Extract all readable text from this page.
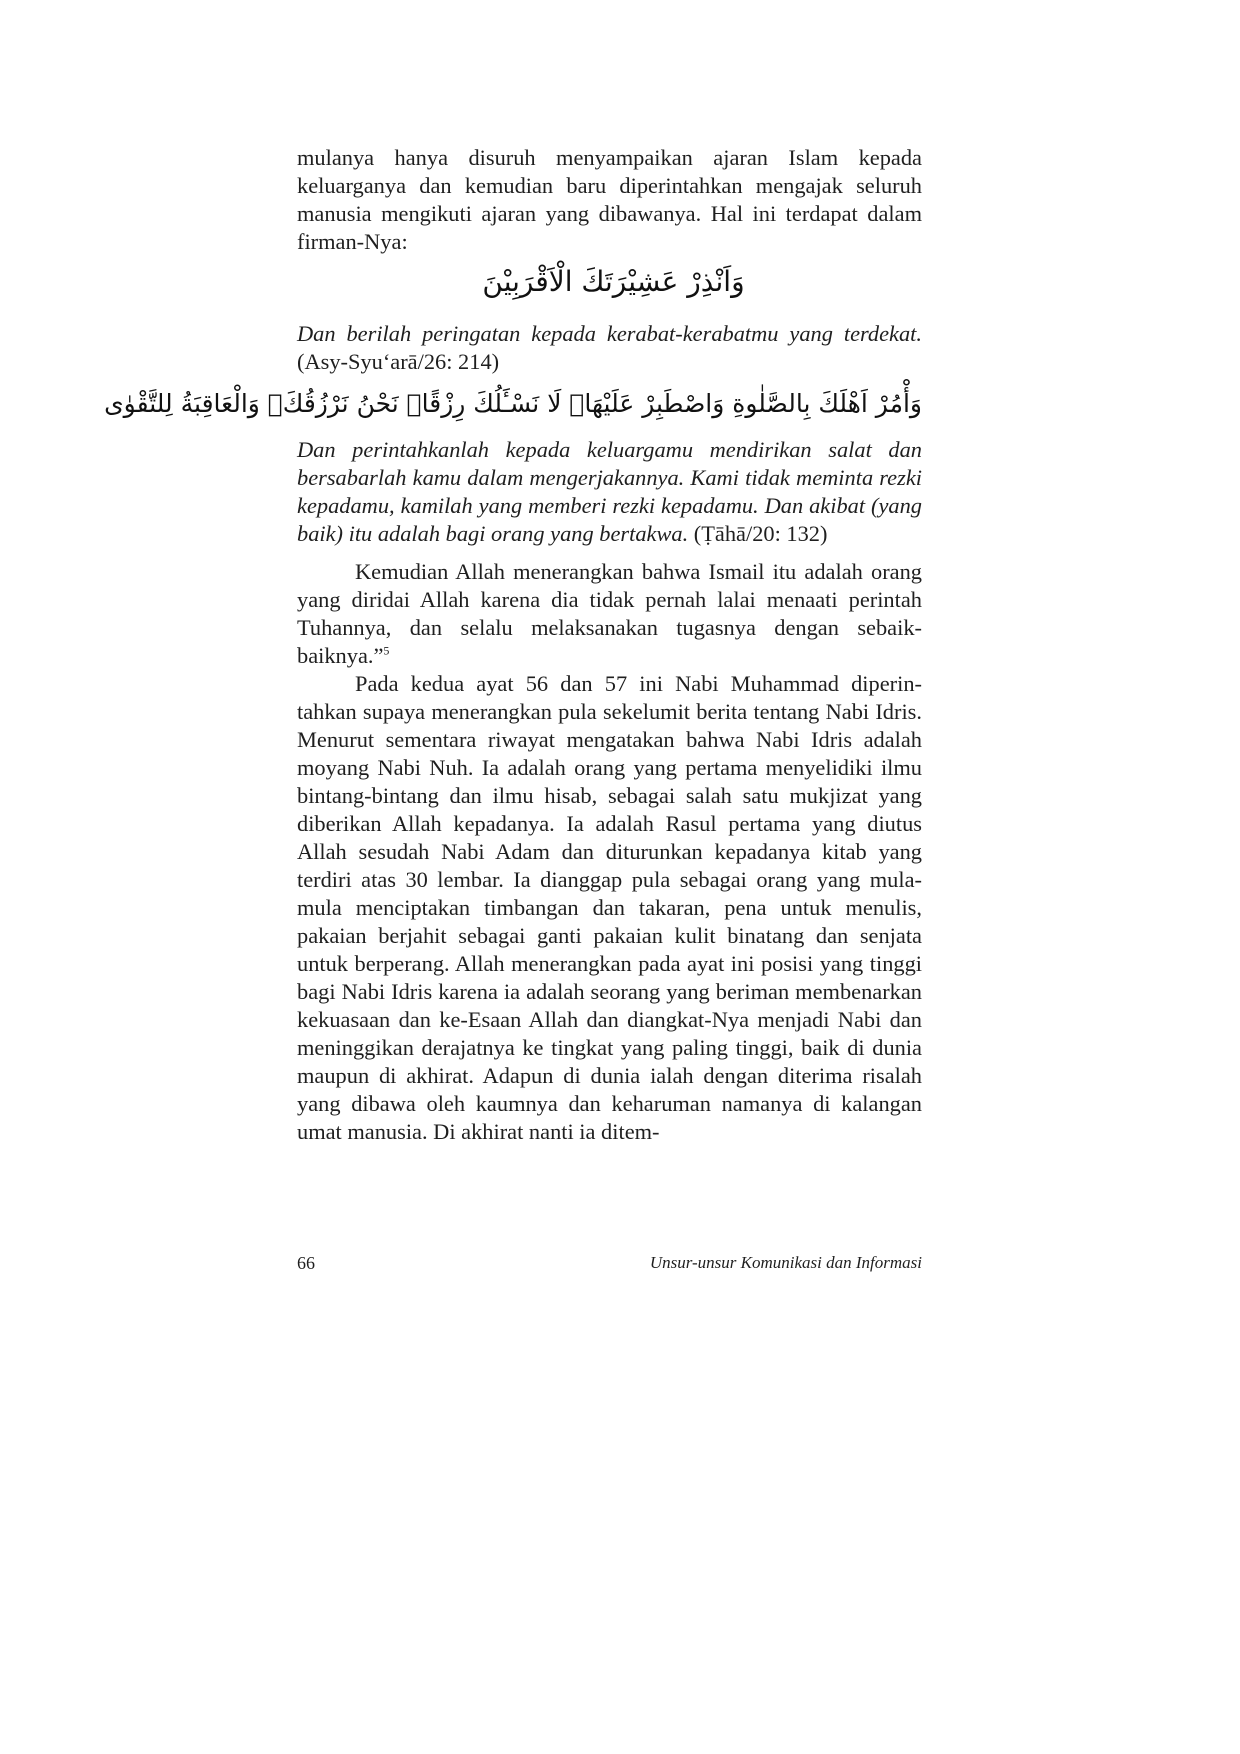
mulanya hanya disuruh menyampaikan ajaran Islam kepada keluarganya dan kemudian baru diperintahkan mengajak seluruh manusia mengikuti ajaran yang dibawanya. Hal ini terdapat dalam firman-Nya:

وَاَنْذِرْ عَشِيْرَتَكَ الْاَقْرَبِيْنَ

Dan berilah peringatan kepada kerabat-kerabatmu yang terdekat. (Asy-Syu‘arā/26: 214)

وَأْمُرْ اَهْلَكَ بِالصَّلٰوةِ وَاصْطَبِرْ عَلَيْهَاۗ لَا نَسْـَٔلُكَ رِزْقًاۗ نَحْنُ نَرْزُقُكَۗ وَالْعَاقِبَةُ لِلتَّقْوٰى

Dan perintahkanlah kepada keluargamu mendirikan salat dan bersabarlah kamu dalam mengerjakannya. Kami tidak meminta rezki kepadamu, kamilah yang memberi rezki kepadamu. Dan akibat (yang baik) itu adalah bagi orang yang bertakwa. (Ṭāhā/20: 132)

Kemudian Allah menerangkan bahwa Ismail itu adalah orang yang diridai Allah karena dia tidak pernah lalai menaati perintah Tuhannya, dan selalu melaksanakan tugasnya dengan sebaik-baiknya.”$^5$

Pada kedua ayat 56 dan 57 ini Nabi Muhammad diperin-tahkan supaya menerangkan pula sekelumit berita tentang Nabi Idris. Menurut sementara riwayat mengatakan bahwa Nabi Idris adalah moyang Nabi Nuh. Ia adalah orang yang pertama menyelidiki ilmu bintang-bintang dan ilmu hisab, sebagai salah satu mukjizat yang diberikan Allah kepadanya. Ia adalah Rasul pertama yang diutus Allah sesudah Nabi Adam dan diturunkan kepadanya kitab yang terdiri atas 30 lembar. Ia dianggap pula sebagai orang yang mula-mula menciptakan timbangan dan takaran, pena untuk menulis, pakaian berjahit sebagai ganti pakaian kulit binatang dan senjata untuk berperang. Allah menerangkan pada ayat ini posisi yang tinggi bagi Nabi Idris karena ia adalah seorang yang beriman membenarkan kekuasaan dan ke-Esaan Allah dan diangkat-Nya menjadi Nabi dan meninggikan derajatnya ke tingkat yang paling tinggi, baik di dunia maupun di akhirat. Adapun di dunia ialah dengan diterima risalah yang dibawa oleh kaumnya dan keharuman namanya di kalangan umat manusia. Di akhirat nanti ia ditem-

66	Unsur-unsur Komunikasi dan Informasi
